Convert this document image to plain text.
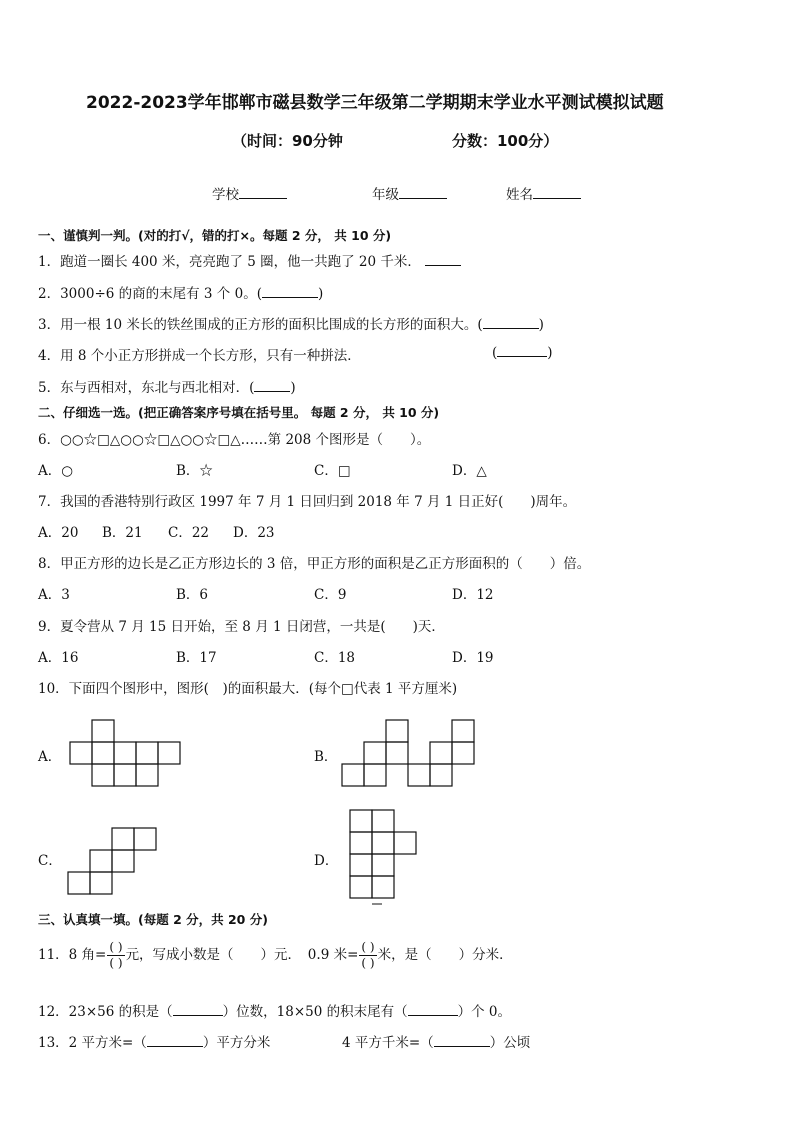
2022-2023学年邯郸市磁县数学三年级第二学期期末学业水平测试模拟试题
（时间：90分钟	分数：100分）
学校	年级	姓名
一、谨慎判一判。(对的打√，错的打×。每题 2 分， 共 10 分)
1．跑道一圈长 400 米，亮亮跑了 5 圈，他一共跑了 20 千米．
2．3000÷6 的商的末尾有 3 个 0。(	)
3．用一根 10 米长的铁丝围成的正方形的面积比围成的长方形的面积大。(	)
4．用 8 个小正方形拼成一个长方形，只有一种拼法．	(	)
5．东与西相对，东北与西北相对．(	)
二、仔细选一选。(把正确答案序号填在括号里。 每题 2 分， 共 10 分)
6．○○☆□△○○☆□△○○☆□△……第 208 个图形是（　　）。
A．○	B．☆	C．□	D．△
7．我国的香港特别行政区 1997 年 7 月 1 日回归到 2018 年 7 月 1 日正好(　　)周年。
A．20 B．21 C．22 D．23
8．甲正方形的边长是乙正方形边长的 3 倍，甲正方形的面积是乙正方形面积的（　　）倍。
A．3	B．6	C．9	D．12
9．夏令营从 7 月 15 日开始，至 8 月 1 日闭营，一共是(　　)天．
A．16	B．17	C．18	D．19
10．下面四个图形中，图形(　)的面积最大．(每个□代表 1 平方厘米)
A．	B．
C．	D．
三、认真填一填。(每题 2 分，共 20 分)
11．8 角= $\frac{( )}{( )}$ 元，写成小数是（　　）元．　0.9 米= $\frac{( )}{( )}$ 米，是（　　）分米．
12．23×56 的积是（	）位数，18×50 的积末尾有（	）个 0。
13．2 平方米=（	）平方分米	4 平方千米=（	）公顷
